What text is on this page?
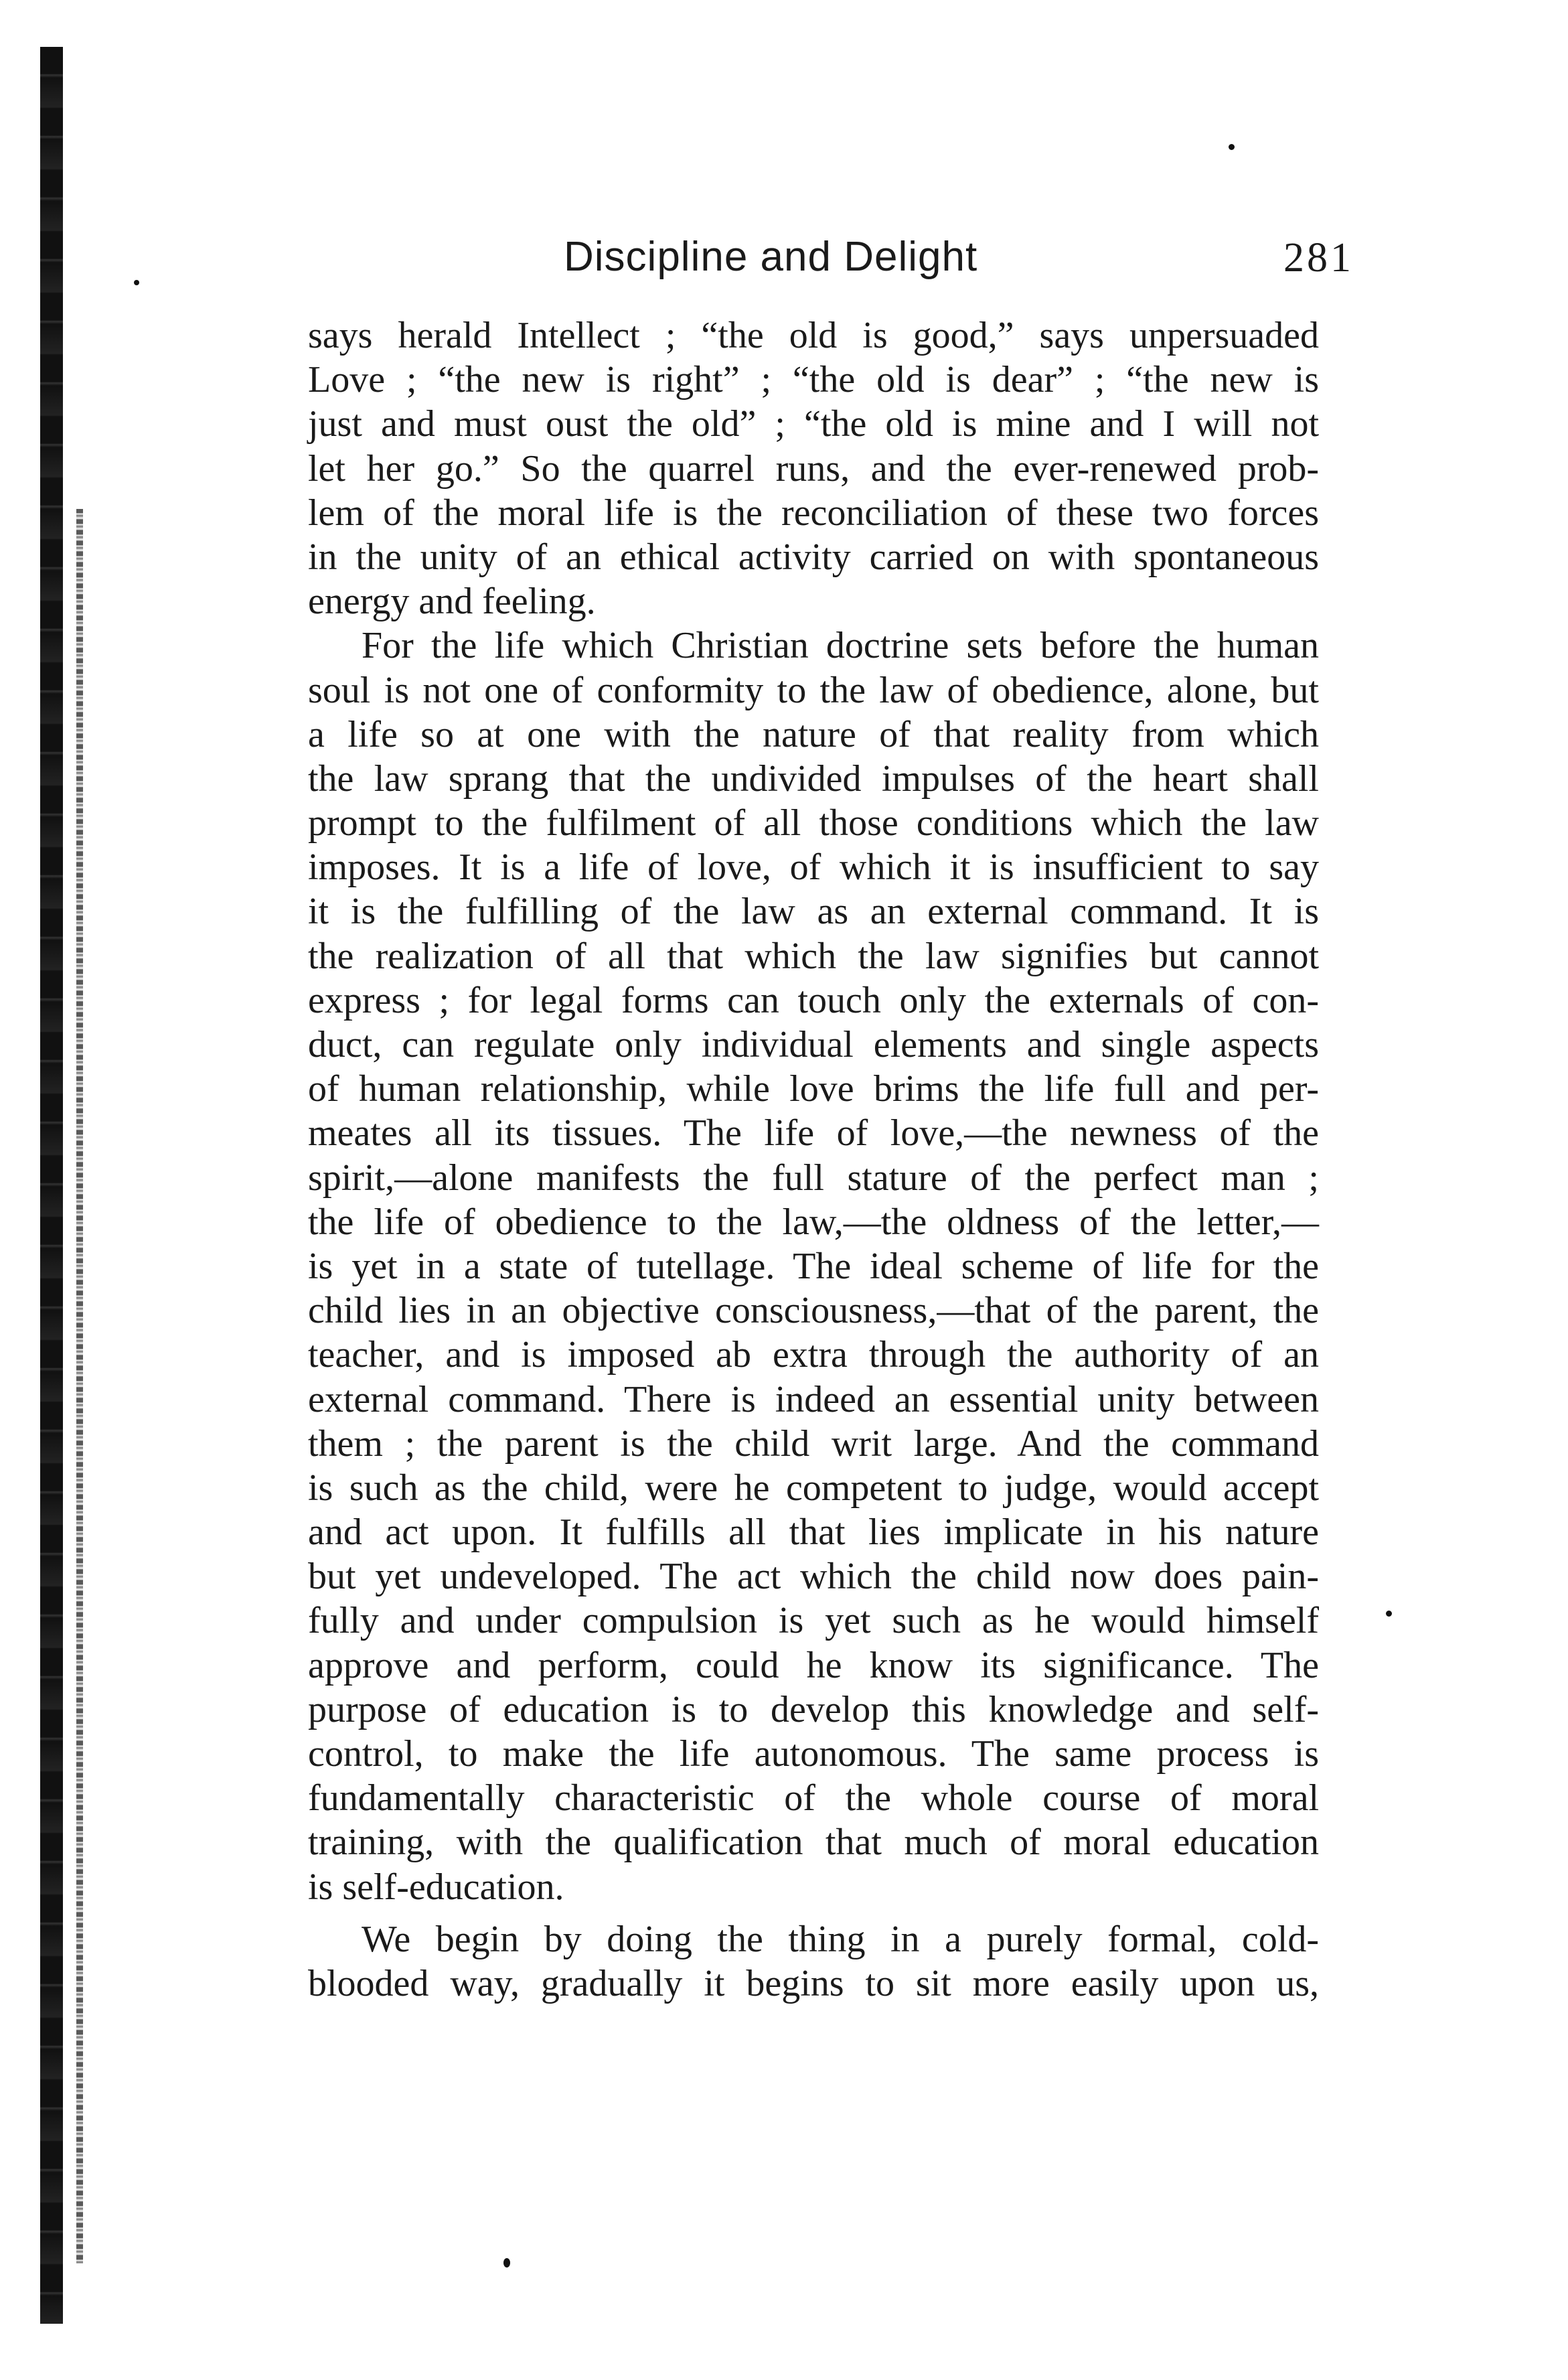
Discipline and Delight	281
says herald Intellect ; “the old is good,” says unpersuaded
Love ; “the new is right” ; “the old is dear” ; “the new is
just and must oust the old” ; “the old is mine and I will not
let her go.” So the quarrel runs, and the ever-renewed prob-
lem of the moral life is the reconciliation of these two forces
in the unity of an ethical activity carried on with spontaneous
energy and feeling.
For the life which Christian doctrine sets before the human
soul is not one of conformity to the law of obedience, alone, but
a life so at one with the nature of that reality from which
the law sprang that the undivided impulses of the heart shall
prompt to the fulfilment of all those conditions which the law
imposes. It is a life of love, of which it is insufficient to say
it is the fulfilling of the law as an external command. It is
the realization of all that which the law signifies but cannot
express ; for legal forms can touch only the externals of con-
duct, can regulate only individual elements and single aspects
of human relationship, while love brims the life full and per-
meates all its tissues. The life of love,—the newness of the
spirit,—alone manifests the full stature of the perfect man ;
the life of obedience to the law,—the oldness of the letter,—
is yet in a state of tutellage. The ideal scheme of life for the
child lies in an objective consciousness,—that of the parent, the
teacher, and is imposed ab extra through the authority of an
external command. There is indeed an essential unity between
them ; the parent is the child writ large. And the command
is such as the child, were he competent to judge, would accept
and act upon. It fulfills all that lies implicate in his nature
but yet undeveloped. The act which the child now does pain-
fully and under compulsion is yet such as he would himself
approve and perform, could he know its significance. The
purpose of education is to develop this knowledge and self-
control, to make the life autonomous. The same process is
fundamentally characteristic of the whole course of moral
training, with the qualification that much of moral education
is self-education.
We begin by doing the thing in a purely formal, cold-
blooded way, gradually it begins to sit more easily upon us,
